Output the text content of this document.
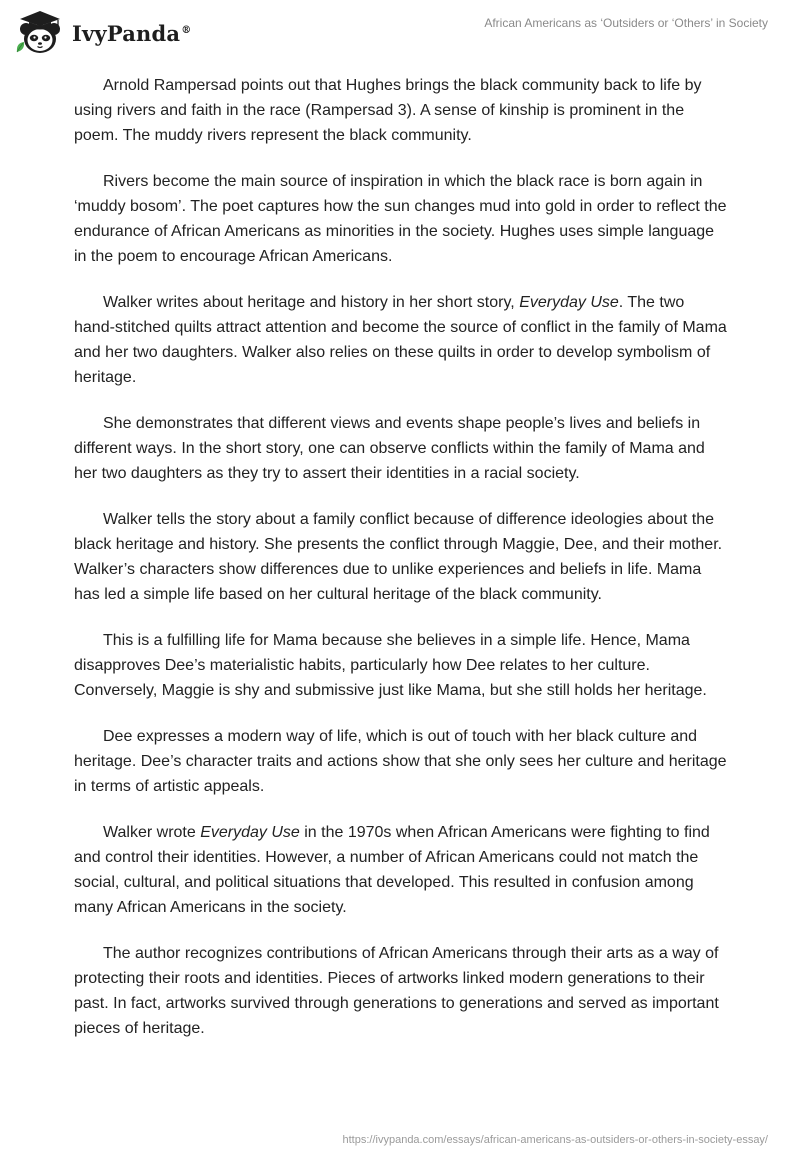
IvyPanda®	African Americans as ‘Outsiders or ‘Others’ in Society

Arnold Rampersad points out that Hughes brings the black community back to life by using rivers and faith in the race (Rampersad 3). A sense of kinship is prominent in the poem. The muddy rivers represent the black community.

Rivers become the main source of inspiration in which the black race is born again in ‘muddy bosom’. The poet captures how the sun changes mud into gold in order to reflect the endurance of African Americans as minorities in the society. Hughes uses simple language in the poem to encourage African Americans.

Walker writes about heritage and history in her short story, Everyday Use. The two hand-stitched quilts attract attention and become the source of conflict in the family of Mama and her two daughters. Walker also relies on these quilts in order to develop symbolism of heritage.

She demonstrates that different views and events shape people’s lives and beliefs in different ways. In the short story, one can observe conflicts within the family of Mama and her two daughters as they try to assert their identities in a racial society.

Walker tells the story about a family conflict because of difference ideologies about the black heritage and history. She presents the conflict through Maggie, Dee, and their mother. Walker’s characters show differences due to unlike experiences and beliefs in life. Mama has led a simple life based on her cultural heritage of the black community.

This is a fulfilling life for Mama because she believes in a simple life. Hence, Mama disapproves Dee’s materialistic habits, particularly how Dee relates to her culture. Conversely, Maggie is shy and submissive just like Mama, but she still holds her heritage.

Dee expresses a modern way of life, which is out of touch with her black culture and heritage. Dee’s character traits and actions show that she only sees her culture and heritage in terms of artistic appeals.

Walker wrote Everyday Use in the 1970s when African Americans were fighting to find and control their identities. However, a number of African Americans could not match the social, cultural, and political situations that developed. This resulted in confusion among many African Americans in the society.

The author recognizes contributions of African Americans through their arts as a way of protecting their roots and identities. Pieces of artworks linked modern generations to their past. In fact, artworks survived through generations to generations and served as important pieces of heritage.

https://ivypanda.com/essays/african-americans-as-outsiders-or-others-in-society-essay/
